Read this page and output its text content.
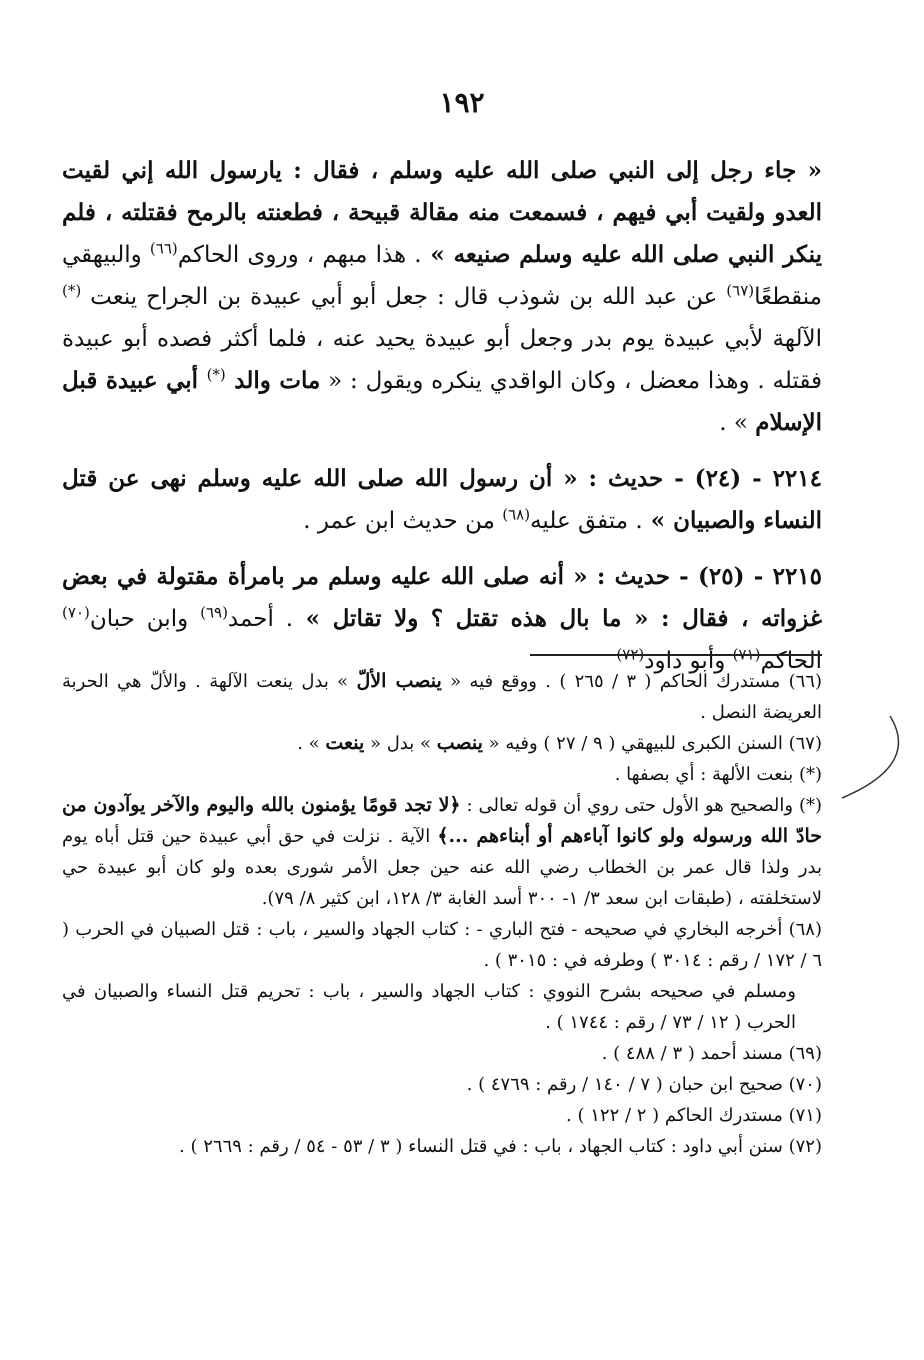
١٩٢

« جاء رجل إلى النبي صلى الله عليه وسلم ، فقال : يارسول الله إني لقيت العدو ولقيت أبي فيهم ، فسمعت منه مقالة قبيحة ، فطعنته بالرمح فقتلته ، فلم ينكر النبي صلى الله عليه وسلم صنيعه » . هذا مبهم ، وروى الحاكم$^{(٦٦)}$ والبيهقي منقطعًا$^{(٦٧)}$ عن عبد الله بن شوذب قال : جعل أبو أبي عبيدة بن الجراح ينعت (*) الآلهة لأبي عبيدة يوم بدر وجعل أبو عبيدة يحيد عنه ، فلما أكثر فصده أبو عبيدة فقتله . وهذا معضل ، وكان الواقدي ينكره ويقول : « مات والد (*) أبي عبيدة قبل الإسلام » .

٢٢١٤ - (٢٤) - حديث : « أن رسول الله صلى الله عليه وسلم نهى عن قتل النساء والصبيان » . متفق عليه$^{(٦٨)}$ من حديث ابن عمر .

٢٢١٥ - (٢٥) - حديث : « أنه صلى الله عليه وسلم مر بامرأة مقتولة في بعض غزواته ، فقال : « ما بال هذه تقتل ؟ ولا تقاتل » . أحمد$^{(٦٩)}$ وابن حبان$^{(٧٠)}$ الحاكم$^{(٧١)}$ وأبو داود$^{(٧٢)}$

(٦٦) مستدرك الحاكم ( ٣ / ٢٦٥ ) . ووقع فيه « ينصب الألّ » بدل ينعت الآلهة . والألّ هي الحربة العريضة النصل .

(٦٧) السنن الكبرى للبيهقي ( ٩ / ٢٧ ) وفيه « ينصب » بدل « ينعت » .

(*) بنعت الألهة : أي بصفها .

(*) والصحيح هو الأول حتى روي أن قوله تعالى : ﴿لا تجد قومًا يؤمنون بالله واليوم والآخر يوآدون من حادّ الله ورسوله ولو كانوا آباءهم أو أبناءهم ...﴾ الآية . نزلت في حق أبي عبيدة حين قتل أباه يوم بدر ولذا قال عمر بن الخطاب رضي الله عنه حين جعل الأمر شورى بعده ولو كان أبو عبيدة حي لاستخلفته ، (طبقات ابن سعد ٣/ ١- ٣٠٠ أسد الغابة ٣/ ١٢٨، ابن كثير ٨/ ٧٩).

(٦٨) أخرجه البخاري في صحيحه - فتح الباري - : كتاب الجهاد والسير ، باب : قتل الصبيان في الحرب ( ٦ / ١٧٢ / رقم : ٣٠١٤ ) وطرفه في : ٣٠١٥ ) .

ومسلم في صحيحه بشرح النووي : كتاب الجهاد والسير ، باب : تحريم قتل النساء والصبيان في الحرب ( ١٢ / ٧٣ / رقم : ١٧٤٤ ) .

(٦٩) مسند أحمد ( ٣ / ٤٨٨ ) .

(٧٠) صحيح ابن حبان ( ٧ / ١٤٠ / رقم : ٤٧٦٩ ) .

(٧١) مستدرك الحاكم ( ٢ / ١٢٢ ) .

(٧٢) سنن أبي داود : كتاب الجهاد ، باب : في قتل النساء ( ٣ / ٥٣ - ٥٤ / رقم : ٢٦٦٩ ) .
